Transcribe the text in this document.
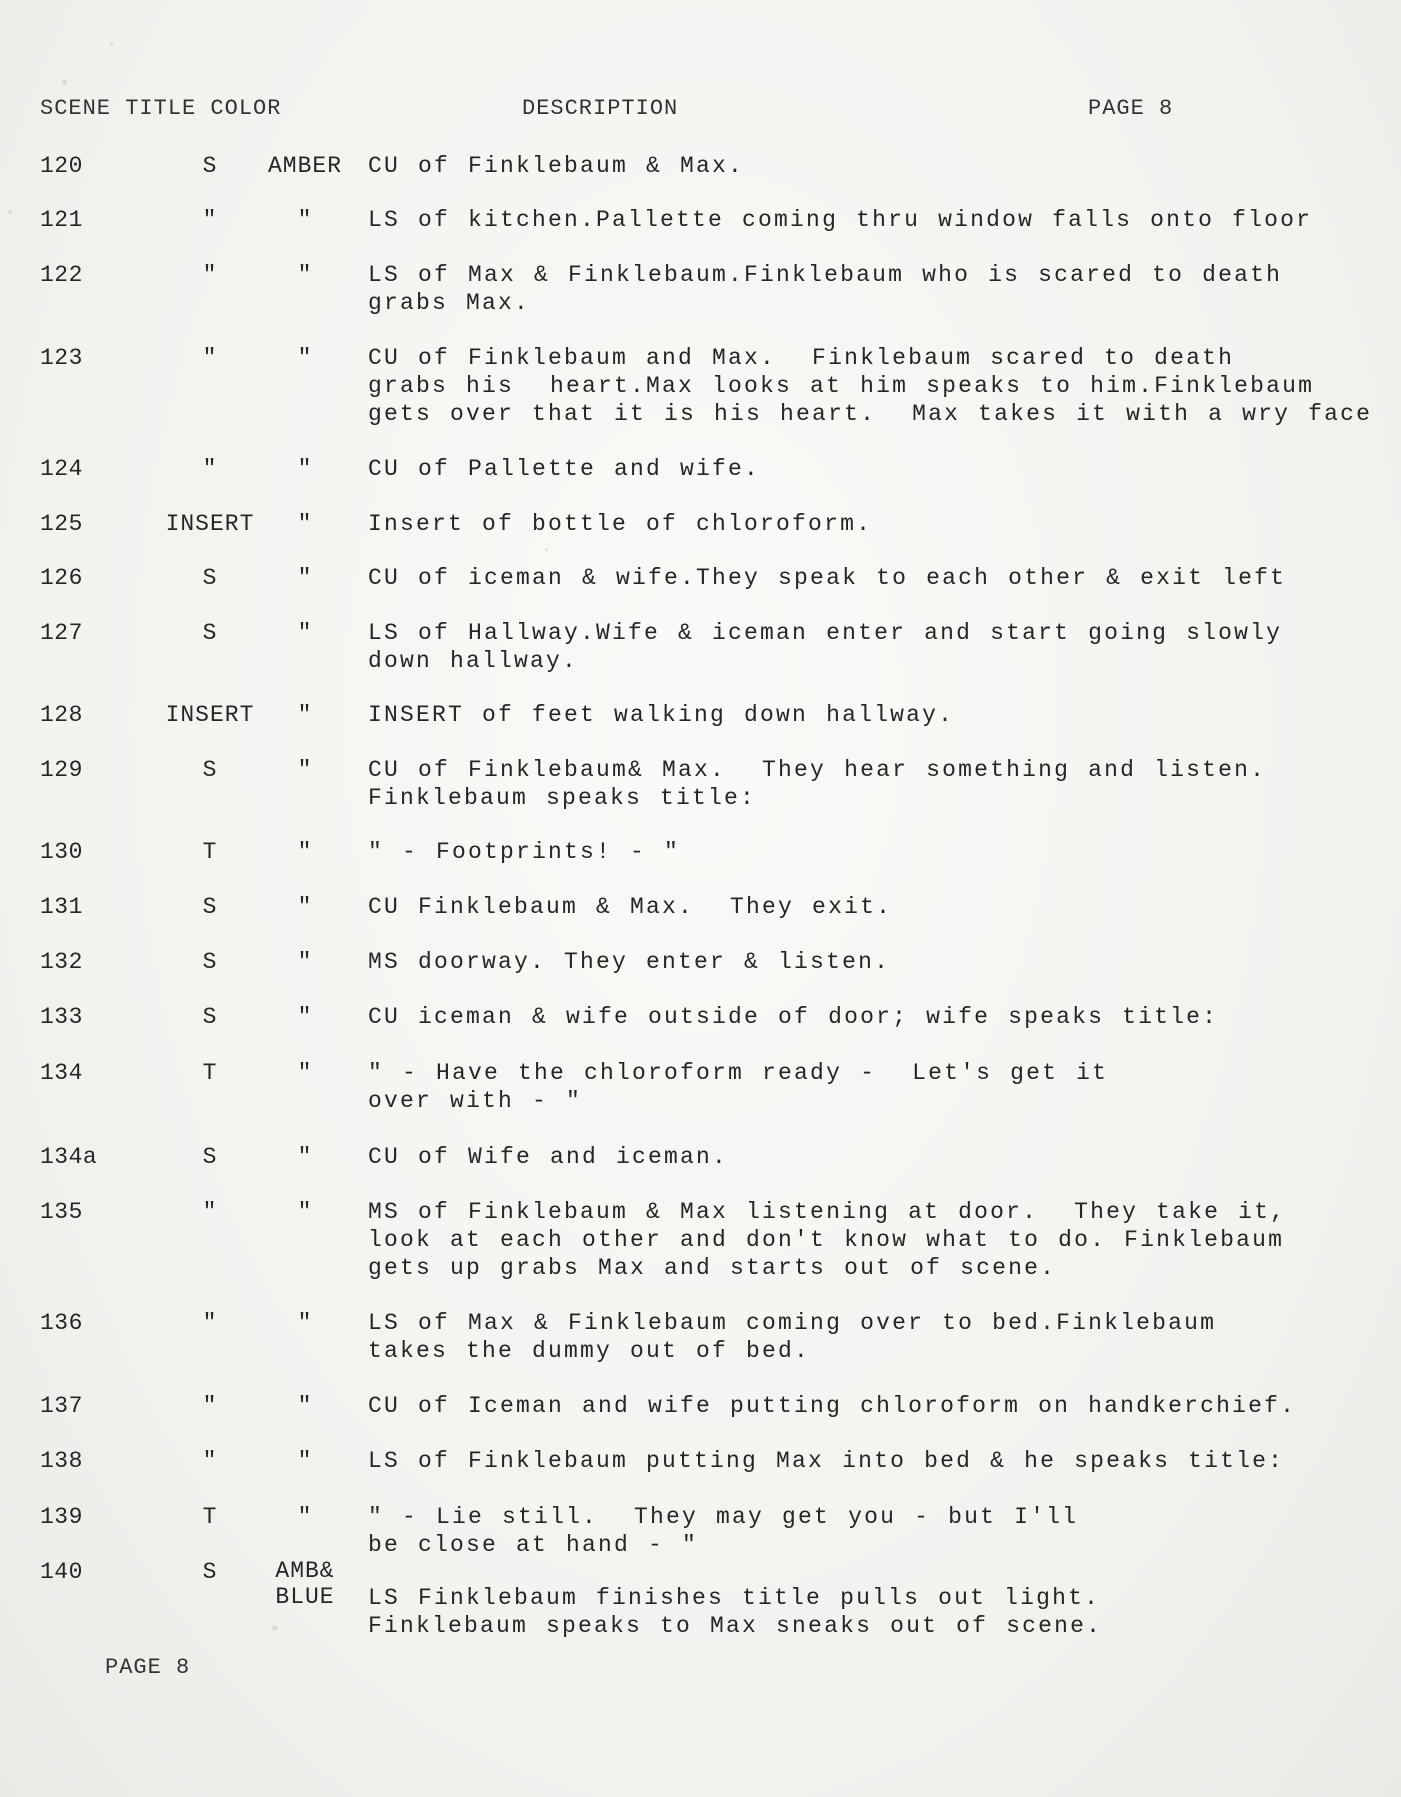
SCENE TITLE COLOR	DESCRIPTION	PAGE 8
120	S	AMBER	CU of Finklebaum & Max.
121	"	"	LS of kitchen.Pallette coming thru window falls onto floor
122	"	"	LS of Max & Finklebaum.Finklebaum who is scared to death
grabs Max.
123	"	"	CU of Finklebaum and Max.  Finklebaum scared to death
grabs his  heart.Max looks at him speaks to him.Finklebaum
gets over that it is his heart.  Max takes it with a wry face
124	"	"	CU of Pallette and wife.
125	INSERT	"	Insert of bottle of chloroform.
126	S	"	CU of iceman & wife.They speak to each other & exit left
127	S	"	LS of Hallway.Wife & iceman enter and start going slowly
down hallway.
128	INSERT	"	INSERT of feet walking down hallway.
129	S	"	CU of Finklebaum& Max.  They hear something and listen.
Finklebaum speaks title:
130	T	"	" - Footprints! - "
131	S	"	CU Finklebaum & Max.  They exit.
132	S	"	MS doorway. They enter & listen.
133	S	"	CU iceman & wife outside of door; wife speaks title:
134	T	"	" - Have the chloroform ready -  Let's get it
over with - "
134a	S	"	CU of Wife and iceman.
135	"	"	MS of Finklebaum & Max listening at door.  They take it,
look at each other and don't know what to do. Finklebaum
gets up grabs Max and starts out of scene.
136	"	"	LS of Max & Finklebaum coming over to bed.Finklebaum
takes the dummy out of bed.
137	"	"	CU of Iceman and wife putting chloroform on handkerchief.
138	"	"	LS of Finklebaum putting Max into bed & he speaks title:
139	T	"	" - Lie still.  They may get you - but I'll
be close at hand - "
140	S	AMB&
BLUE	LS Finklebaum finishes title pulls out light.
Finklebaum speaks to Max sneaks out of scene.
PAGE 8
